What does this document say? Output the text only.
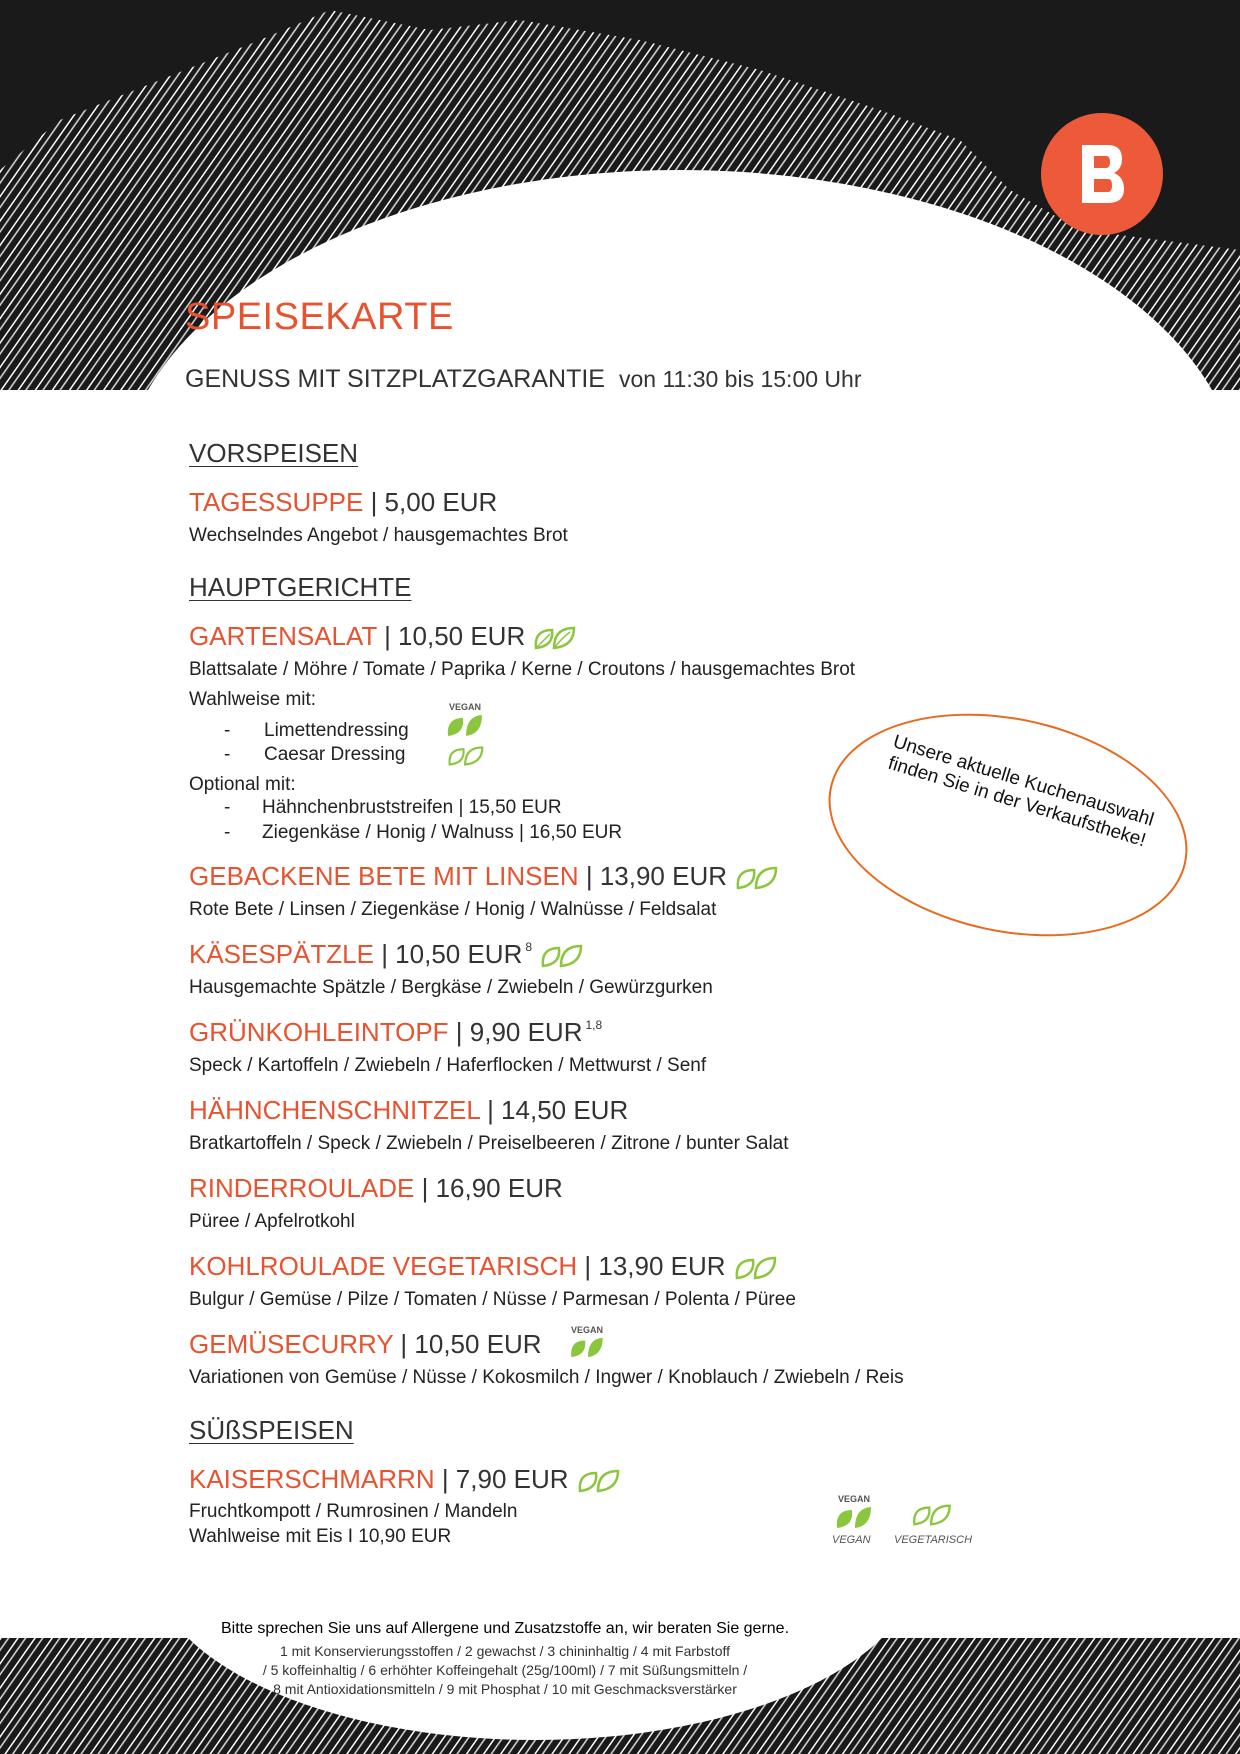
SPEISEKARTE
GENUSS MIT SITZPLATZGARANTIE von 11:30 bis 15:00 Uhr
VORSPEISEN
TAGESSUPPE | 5,00 EUR
Wechselndes Angebot / hausgemachtes Brot
HAUPTGERICHTE
GARTENSALAT | 10,50 EUR
Blattsalate / Möhre / Tomate / Paprika / Kerne / Croutons / hausgemachtes Brot
Wahlweise mit:
- Limettendressing
- Caesar Dressing
VEGAN
Optional mit:
- Hähnchenbruststreifen | 15,50 EUR
- Ziegenkäse / Honig / Walnuss | 16,50 EUR
GEBACKENE BETE MIT LINSEN | 13,90 EUR
Rote Bete / Linsen / Ziegenkäse / Honig / Walnüsse / Feldsalat
KÄSESPÄTZLE | 10,50 EUR $^8$
Hausgemachte Spätzle / Bergkäse / Zwiebeln / Gewürzgurken
GRÜNKOHLEINTOPF | 9,90 EUR $^{1,8}$
Speck / Kartoffeln / Zwiebeln / Haferflocken / Mettwurst / Senf
HÄHNCHENSCHNITZEL | 14,50 EUR
Bratkartoffeln / Speck / Zwiebeln / Preiselbeeren / Zitrone / bunter Salat
RINDERROULADE | 16,90 EUR
Püree / Apfelrotkohl
KOHLROULADE VEGETARISCH | 13,90 EUR
Bulgur / Gemüse / Pilze / Tomaten / Nüsse / Parmesan / Polenta / Püree
GEMÜSECURRY | 10,50 EUR	VEGAN
Variationen von Gemüse / Nüsse / Kokosmilch / Ingwer / Knoblauch / Zwiebeln / Reis
SÜßSPEISEN
KAISERSCHMARRN | 7,90 EUR
Fruchtkompott / Rumrosinen / Mandeln
Wahlweise mit Eis I 10,90 EUR
VEGAN
VEGAN VEGETARISCH
Unsere aktuelle Kuchenauswahl finden Sie in der Verkaufstheke!
Bitte sprechen Sie uns auf Allergene und Zusatzstoffe an, wir beraten Sie gerne.
1 mit Konservierungsstoffen / 2 gewachst / 3 chininhaltig / 4 mit Farbstoff
/ 5 koffeinhaltig / 6 erhöhter Koffeingehalt (25g/100ml) / 7 mit Süßungsmitteln /
8 mit Antioxidationsmitteln / 9 mit Phosphat / 10 mit Geschmacksverstärker
